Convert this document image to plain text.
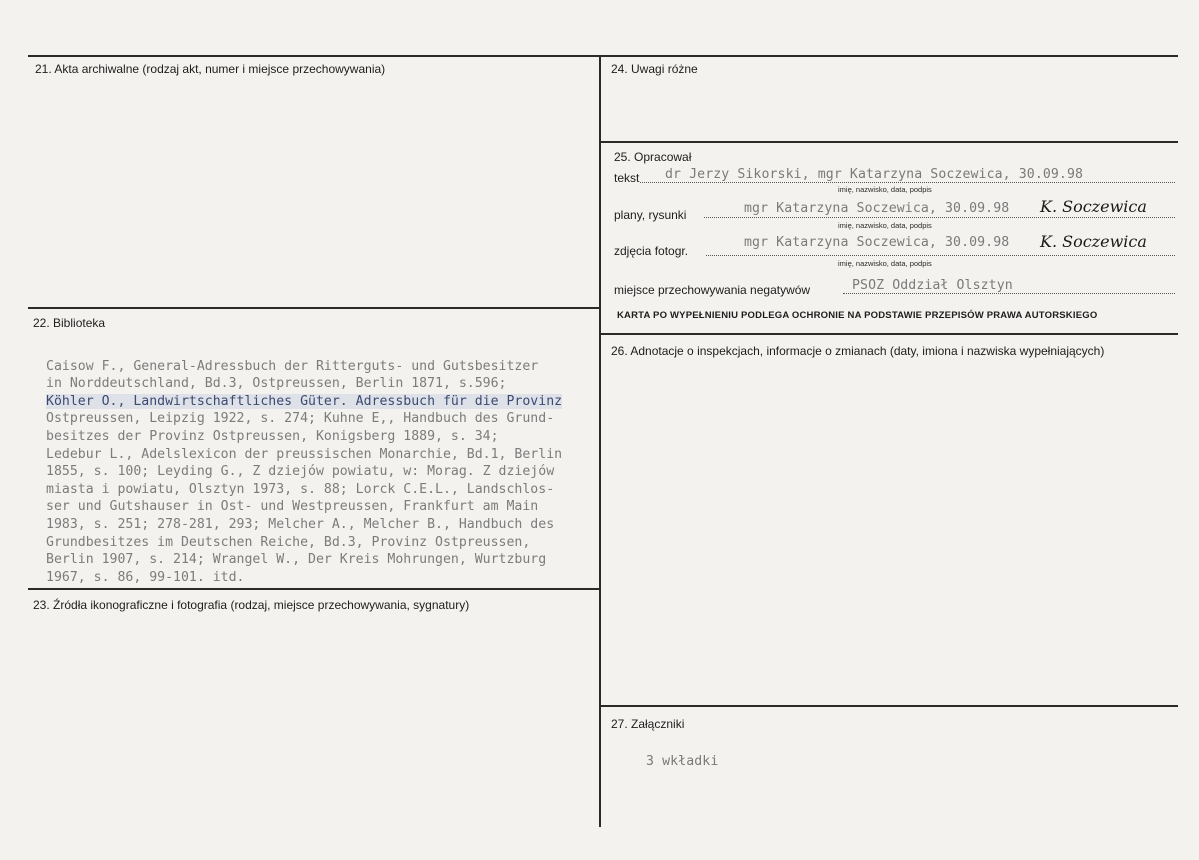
21. Akta archiwalne (rodzaj akt, numer i miejsce przechowywania)
22. Biblioteka

Caisow F., General-Adressbuch der Ritterguts- und Gutsbesitzer
in Norddeutschland, Bd.3, Ostpreussen, Berlin 1871, s.596;
Köhler O., Landwirtschaftliches Güter. Adressbuch für die Provinz
Ostpreussen, Leipzig 1922, s. 274; Kuhne E,, Handbuch des Grund-
besitzes der Provinz Ostpreussen, Konigsberg 1889, s. 34;
Ledebur L., Adelslexicon der preussischen Monarchie, Bd.1, Berlin
1855, s. 100; Leyding G., Z dziejów powiatu, w: Morag. Z dziejów
miasta i powiatu, Olsztyn 1973, s. 88; Lorck C.E.L., Landschlos-
ser und Gutshauser in Ost- und Westpreussen, Frankfurt am Main
1983, s. 251; 278-281, 293; Melcher A., Melcher B., Handbuch des
Grundbesitzes im Deutschen Reiche, Bd.3, Provinz Ostpreussen,
Berlin 1907, s. 214; Wrangel W., Der Kreis Mohrungen, Wurtzburg
1967, s. 86, 99-101. itd.
23. Źródła ikonograficzne i fotografia (rodzaj, miejsce przechowywania, sygnatury)
24. Uwagi różne
25. Opracował
tekst dr Jerzy Sikorski, mgr Katarzyna Soczewica, 30.09.98
imię, nazwisko, data, podpis
plany, rysunki	mgr Katarzyna Soczewica, 30.09.98 K. Soczewica
imię, nazwisko, data, podpis
zdjęcia fotogr.
mgr Katarzyna Soczewica, 30.09.98 K. Soczewica
imię, nazwisko, data, podpis
miejsce przechowywania negatywów	PSOZ Oddział Olsztyn
KARTA PO WYPEŁNIENIU PODLEGA OCHRONIE NA PODSTAWIE PRZEPISÓW PRAWA AUTORSKIEGO
26. Adnotacje o inspekcjach, informacje o zmianach (daty, imiona i nazwiska wypełniających)
27. Załączniki
3 wkładki
